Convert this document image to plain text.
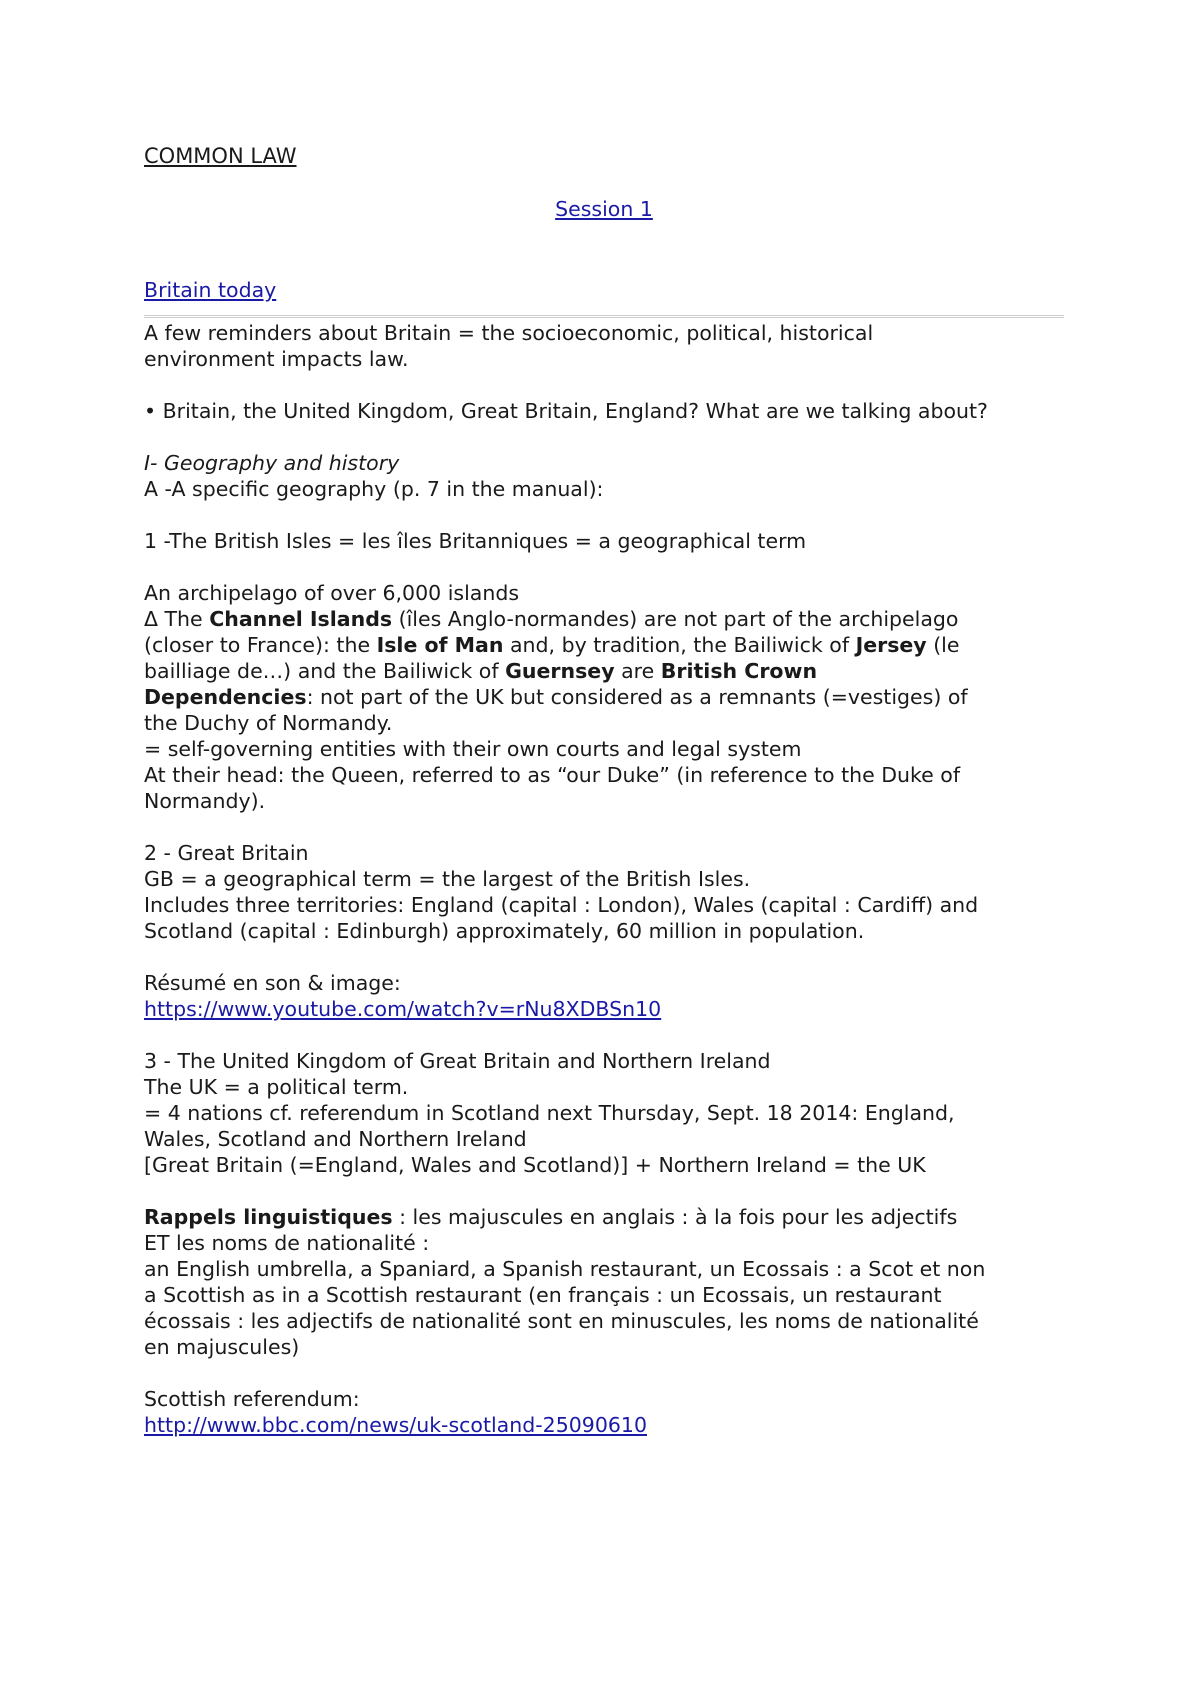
COMMON LAW
Session 1
Britain today

A few reminders about Britain = the socioeconomic, political, historical

environment impacts law.

• Britain, the United Kingdom, Great Britain, England? What are we talking about?

I- Geography and history

A -A specific geography (p. 7 in the manual):

1 -The British Isles = les îles Britanniques = a geographical term

An archipelago of over 6,000 islands

Δ The Channel Islands (îles Anglo-normandes) are not part of the archipelago

(closer to France): the Isle of Man and, by tradition, the Bailiwick of Jersey (le

bailliage de…) and the Bailiwick of Guernsey are British Crown

Dependencies: not part of the UK but considered as a remnants (=vestiges) of

the Duchy of Normandy.

= self-governing entities with their own courts and legal system

At their head: the Queen, referred to as “our Duke” (in reference to the Duke of

Normandy).

2 - Great Britain

GB = a geographical term = the largest of the British Isles.

Includes three territories: England (capital : London), Wales (capital : Cardiff) and

Scotland (capital : Edinburgh) approximately, 60 million in population.

Résumé en son & image:

https://www.youtube.com/watch?v=rNu8XDBSn10

3 - The United Kingdom of Great Britain and Northern Ireland

The UK = a political term.

= 4 nations cf. referendum in Scotland next Thursday, Sept. 18 2014: England,

Wales, Scotland and Northern Ireland

[Great Britain (=England, Wales and Scotland)] + Northern Ireland = the UK

Rappels linguistiques : les majuscules en anglais : à la fois pour les adjectifs

ET les noms de nationalité :

an English umbrella, a Spaniard, a Spanish restaurant, un Ecossais : a Scot et non

a Scottish as in a Scottish restaurant (en français : un Ecossais, un restaurant

écossais : les adjectifs de nationalité sont en minuscules, les noms de nationalité

en majuscules)

Scottish referendum:

http://www.bbc.com/news/uk-scotland-25090610
